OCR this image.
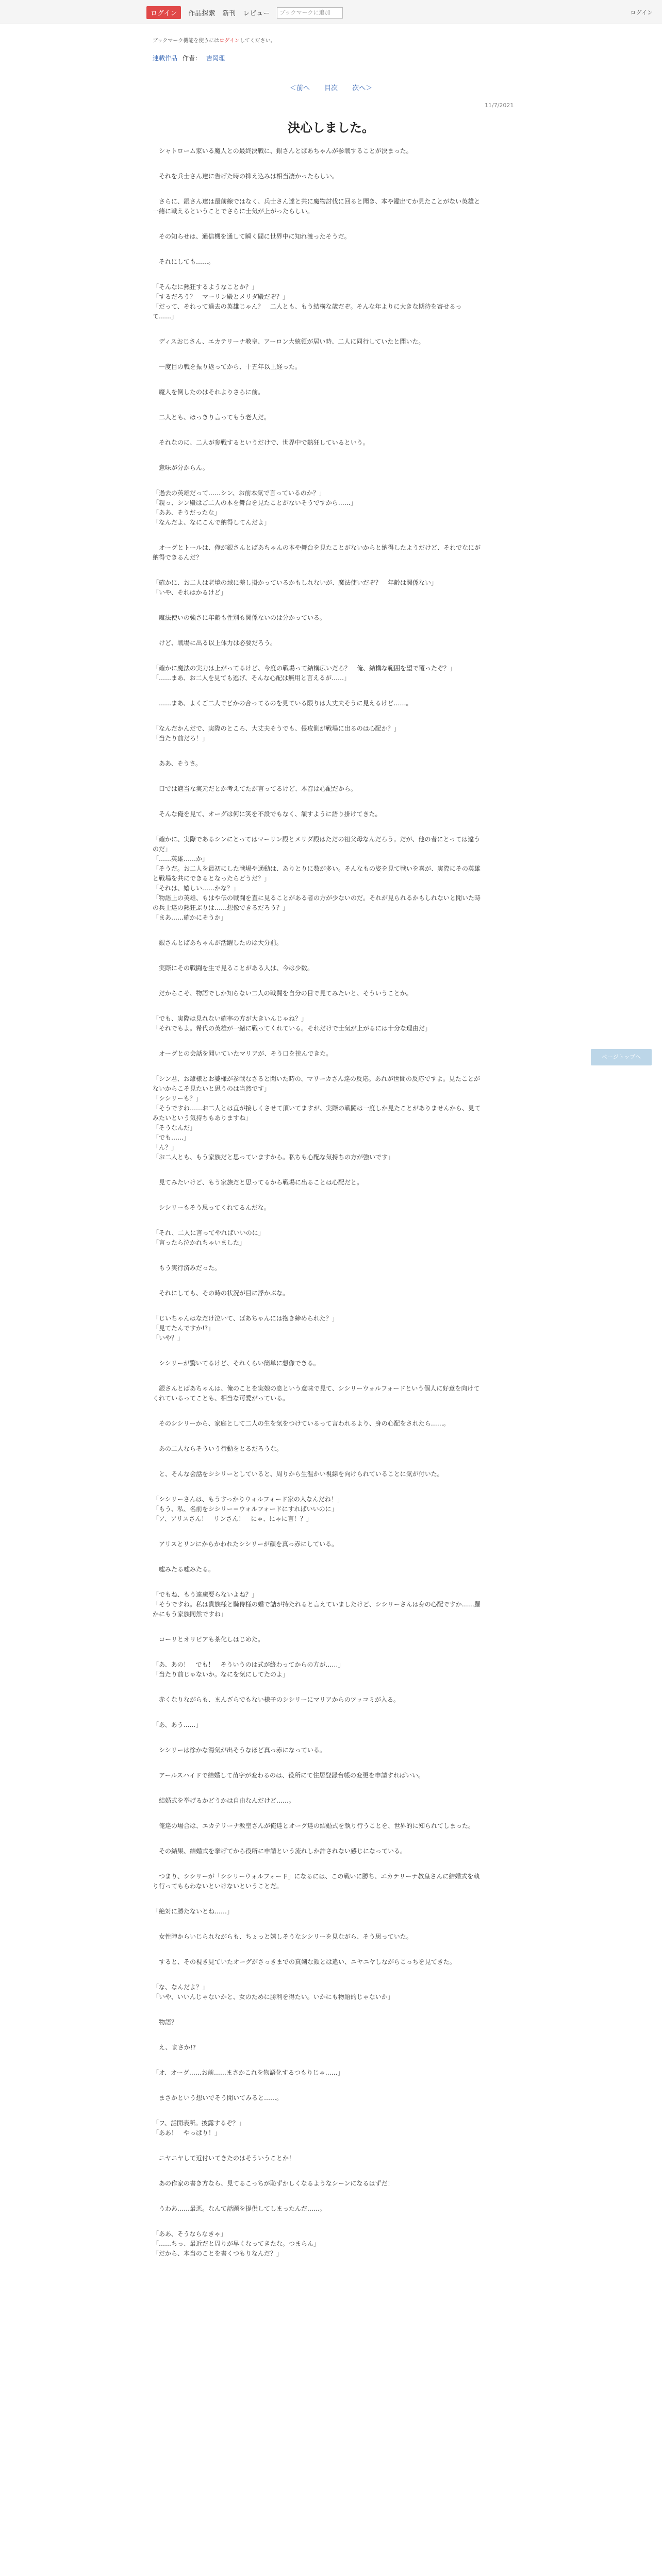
ログイン	作品探索 新刊 レビュー	ブックマークに追加	ログイン
ブックマーク機能を使うにはログインしてください。
連載作品 作者： 吉岡理
＜前へ 目次 次へ＞
11/7/2021
決心しました。

　シャトローム家いる魔人との最終決戦に、銀さんとばあちゃんが参戦することが決まった。

　それを兵士さん達に告げた時の抑え込みは相当凄かったらしい。

　さらに、銀さん達は最前線ではなく、兵士さん達と共に魔物討伐に回ると聞き、本や鑑出てか見たことがない英雄と一緒に戦えるということでさらに士気が上がったらしい。

　その知らせは、通信機を通して瞬く間に世界中に知れ渡ったそうだ。

　それにしても……。

「そんなに熱狂するようなことか？」
「するだろう？　マーリン殿とメリダ殿だぞ？」
「だって、それって過去の英雄じゃん？　二人とも、もう結構な歳だぞ。そんな年よりに大きな期待を寄せるって……」

　ディスおじさん、エカテリーナ教皇、アーロン大統領が居い時、二人に同行していたと聞いた。

　一度目の戦を振り返ってから、十五年以上経った。

　魔人を倒したのはそれよりさらに前。

　二人とも、ほっきり言ってもう老人だ。

　それなのに、二人が参戦するというだけで、世界中で熱狂しているという。

　意味が分からん。

「過去の英雄だって……シン、お前本気で言っているのか？」
「親っ、シン殿はご二人の本を舞台を見たことがないそうですから……」
「ああ、そうだったな」
「なんだよ、なにこんで納得してんだよ」

　オーグとトールは、俺が銀さんとばあちゃんの本や舞台を見たことがないからと納得したようだけど、それでなにが納得できるんだ？

「確かに、お二人は老境の域に差し掛かっているかもしれないが、魔法使いだぞ？　年齢は関係ない」
「いや、それはかるけど」

　魔法使いの強さに年齢も性別も関係ないのは分かっている。

　けど、戦場に出る以上体力は必要だろう。

「確かに魔法の実力は上がってるけど、今度の戦場って結構広いだろ？　俺、結構な範囲を望で覆ったぞ？」
「……まあ、お二人を見ても逃げ、そんな心配は無用と言えるが……」

　……まあ、よくご二人でどかの合ってるのを見ている限りは大丈夫そうに見えるけど……。

「なんだかんだで、実際のところ、大丈夫そうでも、侵攻側が戦場に出るのは心配か？」
「当たり前だろ！」

　ああ、そうさ。

　口では適当な実元だとか考えてたが言ってるけど、本音は心配だから。

　そんな俺を見て、オーグは何に笑を不設でもなく、頷すように語り掛けてきた。

「確かに、実際であるシンにとってはマーリン殿とメリダ殿はただの祖父母なんだろう。だが、他の者にとっては違うのだ」
「……英雄……か」
「そうだ。お二人を最初にした戦場や通動は、ありとりに数が多い。そんなもの姿を見て戦いを喜が、実際にその英雄と戦場を共にできるとなったらどうだ？」
「それは、嬉しい……かな？」
「物語上の英雄、もはや伝の戦闘を直に見ることがある者の方が少ないのだ。それが見られるかもしれないと聞いた時の兵士達の熱狂ぶりは……想像できるだろう？」
「まあ……確かにそうか」

　銀さんとばあちゃんが活躍したのは大分前。

　実際にその戦闘を生で見ることがある人は、今は少数。

　だからこそ、物語でしか知らない二人の戦闘を自分の目で見てみたいと、そういうことか。

「でも、実際は見れない確率の方が大きいんじゃね？」
「それでもよ。希代の英雄が一緒に戦ってくれている。それだけで士気が上がるには十分な理由だ」

　オーグとの会話を聞いていたマリアが、そう口を挟んできた。

「シン君、お爺様とお婆様が参戦なさると聞いた時の、マリーカさん達の反応。あれが世間の反応ですよ。見たことがないからこそ見たいと思うのは当然です」
「シシリーも？」
「そうですね……お二人とは直が接しくさせて頂いてますが、実際の戦闘は一度しか見たことがありませんから、見てみたいという気持ちもありますね」
「そうなんだ」
「でも……」
「ん？」
「お二人とも、もう家族だと思っていますから。私ちも心配な気持ちの方が強いです」

　見てみたいけど、もう家族だと思ってるから戦場に出ることは心配だと。

　シシリーもそう思ってくれてるんだな。

「それ、二人に言ってやればいいのに」
「言ったら泣かれちゃいました」

　もう実行済みだった。

　それにしても、その時の状況が目に浮かぶな。

「じいちゃんはなだけ泣いて、ばあちゃんには抱き締められた？」
「見てたんですか!?」
「いや？」

　シシリーが驚いてるけど、それくらい簡単に想像できる。

　銀さんとばあちゃんは、俺のことを実娘の息という意味で見て、シシリーウォルフォードという個人に好意を向けてくれているってことも、相当な可愛がっている。

　そのシシリーから、家庭として二人の生を気をつけているって言われるより、身の心配をされたら……。

　あの二人ならそういう行動をとるだろうな。

　と、そんな会話をシシリーとしていると、周りから生温かい視線を向けられていることに気が付いた。

「シシリーさんは、もうすっかりウォルフォード家の人なんだね！」
「もう、私、名前をシシリー＝ウォルフォードにすればいいのに」
「ア、アリスさん！　リンさん！　にゃ、にゃに言！？」

　アリスとリンにからかわれたシシリーが顔を真っ赤にしている。

　嘘みたる嘘みたる。

「でもね、もう遠慮要らないよね？」
「そうですね。私は貴族様と騎侍様の婚で詰が持たれると言えていましたけど、シシリーさんは身の心配ですか……羅かにもう家族同然ですね」

　コーリとオリビアも茶化しはじめた。

「あ、あの！　でも！　そういうのは式が終わってからの方が……」
「当たり前じゃないか。なにを気にしてたのよ」

　赤くなりながらも、まんざらでもない様子のシシリーにマリアからのツッコミが入る。

「あ、あう……」

　シシリーは徐かな湯気が出そうなほど真っ赤になっている。

　アールスハイドで結婚して苗字が変わるのは、役所にて住居登録台帳の変更を申請すればいい。

　結婚式を挙げるかどうかは自由なんだけど……。

　俺達の場合は、エカテリーナ教皇さんが俺達とオーグ達の結婚式を執り行うことを、世界的に知られてしまった。

　その結果、結婚式を挙げてから役所に申請という流れしか許されない感じになっている。

　つまり、シシリーが「シシリーウォルフォード」になるには、この戦いに勝ち、エカテリーナ教皇さんに結婚式を執り行ってもらわないといけないということだ。

「絶対に勝たないとね……」

　女性陣からいじられながらも、ちょっと嬉しそうなシシリーを見ながら、そう思っていた。

　すると、その視き見ていたオーグがさっきまでの真剣な顔とは違い、ニヤニヤしながらこっちを見てきた。

「な、なんだよ？」
「いや、いいんじゃないかと、女のために勝利を得たい。いかにも物語的じゃないか」

　物語？

　え、まさか!?

「オ、オーグ……お前……まさかこれを物語化するつもりじゃ……」

　まさかという想いでそう聞いてみると……。

「フ、話開表所。披露するぞ？」
「ああ！　やっぱり！」

　ニヤニヤして近付いてきたのはそういうことか！

　あの作家の書き方なら、見てるこっちが恥ずかしくなるようなシーンになるはずだ！

　うわあ……最悪。なんて話題を提供してしまったんだ……。

「ああ、そうならなきゃ」
「……ちっ、最近だと周りが早くなってきたな。つまらん」
「だから、本当のことを書くつもりなんだ？」

ページトップへ
